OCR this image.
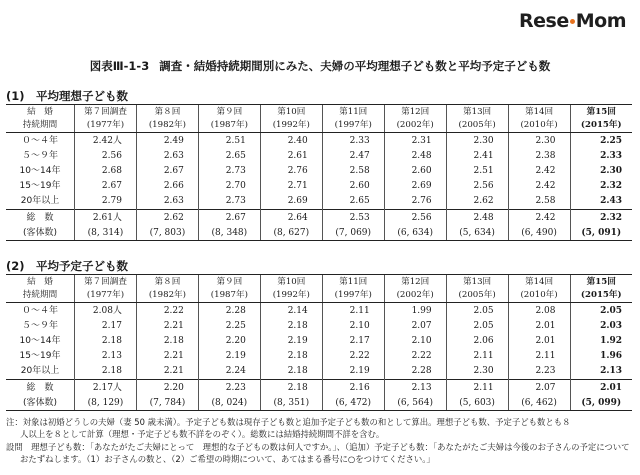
Rese Mom
図表Ⅲ-1-3 調査・結婚持続期間別にみた、夫婦の平均理想子ども数と平均予定子ども数
(1)　平均理想子ども数
結　婚	第７回調査	第８回	第９回	第10回	第11回	第12回	第13回	第14回	第15回
持続期間	(1977年)	(1982年)	(1987年)	(1992年)	(1997年)	(2002年)	(2005年)	(2010年)	(2015年)
０～４年	2.42人	2.49	2.51	2.40	2.33	2.31	2.30	2.30	2.25
５～９年	2.56	2.63	2.65	2.61	2.47	2.48	2.41	2.38	2.33
10～14年	2.68	2.67	2.73	2.76	2.58	2.60	2.51	2.42	2.30
15～19年	2.67	2.66	2.70	2.71	2.60	2.69	2.56	2.42	2.32
20年以上	2.79	2.63	2.73	2.69	2.65	2.76	2.62	2.58	2.43
総　数	2.61人	2.62	2.67	2.64	2.53	2.56	2.48	2.42	2.32
(客体数)	(8, 314)	(7, 803)	(8, 348)	(8, 627)	(7, 069)	(6, 634)	(5, 634)	(6, 490)	(5, 091)
(2)　平均予定子ども数
結　婚	第７回調査	第８回	第９回	第10回	第11回	第12回	第13回	第14回	第15回
持続期間	(1977年)	(1982年)	(1987年)	(1992年)	(1997年)	(2002年)	(2005年)	(2010年)	(2015年)
０～４年	2.08人	2.22	2.28	2.14	2.11	1.99	2.05	2.08	2.05
５～９年	2.17	2.21	2.25	2.18	2.10	2.07	2.05	2.01	2.03
10～14年	2.18	2.18	2.20	2.19	2.17	2.10	2.06	2.01	1.92
15～19年	2.13	2.21	2.19	2.18	2.22	2.22	2.11	2.11	1.96
20年以上	2.18	2.21	2.24	2.18	2.19	2.28	2.30	2.23	2.13
総　数	2.17人	2.20	2.23	2.18	2.16	2.13	2.11	2.07	2.01
(客体数)	(8, 129)	(7, 784)	(8, 024)	(8, 351)	(6, 472)	(6, 564)	(5, 603)	(6, 462)	(5, 099)
注：対象は初婚どうしの夫婦（妻 50 歳未満）。予定子ども数は現存子ども数と追加予定子ども数の和として算出。理想子ども数、予定子ども数とも８
人以上を８として計算（理想・予定子ども数不詳をのぞく）。総数には結婚持続期間不詳を含む。
設問　理想子ども数：「あなたがたご夫婦にとって　理想的な子どもの数は何人ですか。」、（追加）予定子ども数：「あなたがたご夫婦は今後のお子さんの予定について
おたずねします。（1）お子さんの数と、（2）ご希望の時期について、あてはまる番号に○をつけてください。」
